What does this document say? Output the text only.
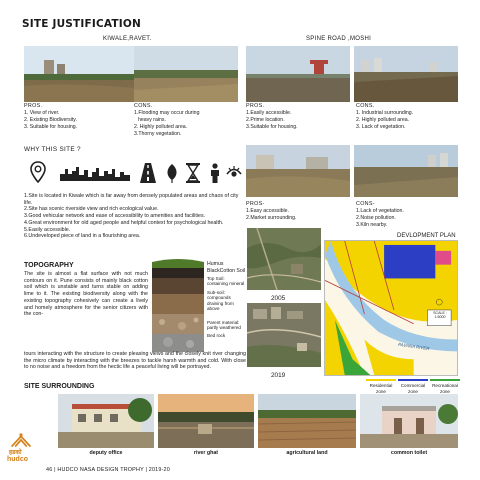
SITE JUSTIFICATION
KIWALE,RAVET.	SPINE ROAD ,MOSHI
PROS.
1. View of river.
2. Existing Biodiversity.
3. Suitable for housing.
CONS.
1.Flooding may occur during
heavy rains.
2. Highly polluted area.
3.Thorny vegetation.
PROS.
1.Easily accessible.
2.Prime location.
3.Suitable for housing.
CONS.
1. Industrial surrounding.
2. Highly polluted area.
3. Lack of vegetation.
WHY THIS SITE ?
1.Site is located in Kiwale which is far away from densely populated areas and chaos of city life.
2.Site has scenic riverside view and rich ecological value.
3.Good vehicular network and ease of accessibility to amenities and facilities.
4.Great environment for old aged people and helpful context for psychological health.
5.Easily accessible.
6.Undeveloped piece of land in a flourishing area.
PROS-
1.Easy accessible.
2.Market surrounding.
CONS-
1.Lack of vegetation.
2.Noise pollution.
3.Kiln nearby.
TOPOGRAPHY
The site is almost a flat surface with not much contours on it. Pune consists of mainly black cotton soil which is unstable and turns stable on adding lime to it. The existing biodiversity along with the existing topography cohesively can create a lively and homely atmosphere for the senior citizers with the con-
Humus
BlackCotton Soil
Top Soil: containing mineral
Sub-soil: compounds draining from above
Parent material: partly weathered
Bed rock
tours interacting with the structure to create pleasing views and the closely knit river changing the micro climate by interacting with the breezes to tackle harsh warmth and cold. With close to no noise and a freedom from the hectic life a peaceful living will be portrayed.
2005
2019
DEVLOPMENT PLAN
SCALE : 1:5000
PAVANA RIVER
Residential zone
Commercial zone
Recreational zone
SITE SURROUNDING
deputy office	river ghat	agricultural land	common toilet
हडको
hudco
46 | HUDCO NASA DESIGN TROPHY | 2019-20
